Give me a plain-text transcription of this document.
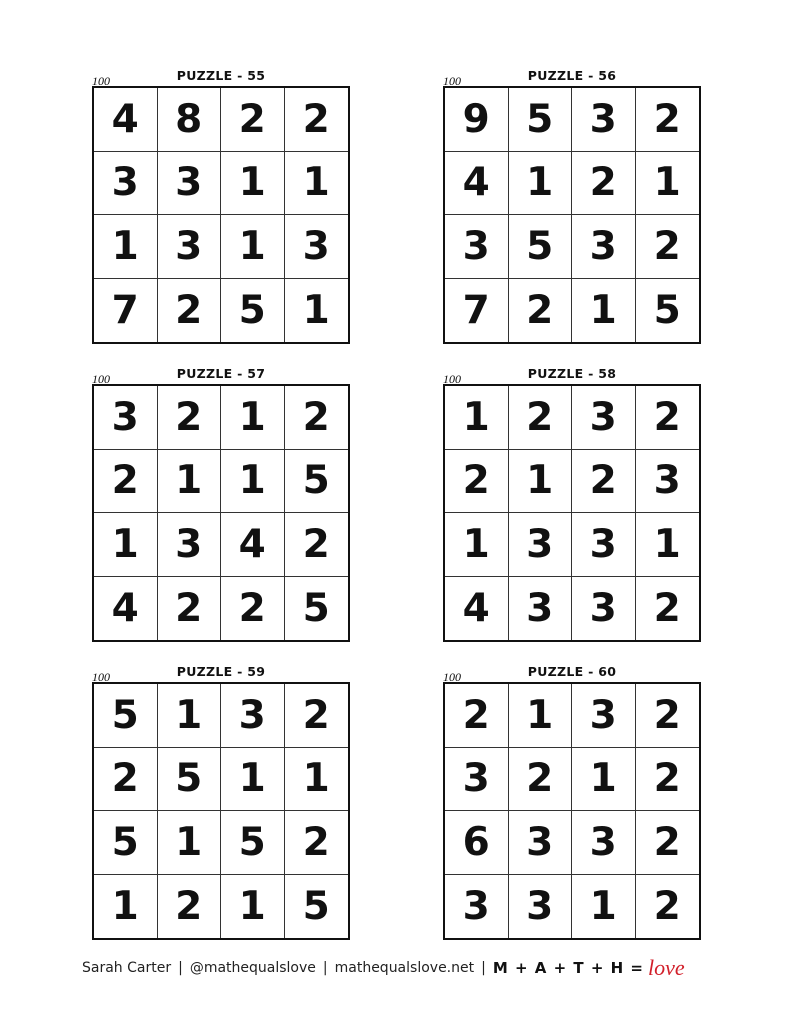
PUZZLE - 55
100
4 8 2 2
3 3 1 1
1 3 1 3
7 2 5 1
PUZZLE - 56
100
9 5 3 2
4 1 2 1
3 5 3 2
7 2 1 5
PUZZLE - 57
100
3 2 1 2
2 1 1 5
1 3 4 2
4 2 2 5
PUZZLE - 58
100
1 2 3 2
2 1 2 3
1 3 3 1
4 3 3 2
PUZZLE - 59
100
5 1 3 2
2 5 1 1
5 1 5 2
1 2 1 5
PUZZLE - 60
100
2 1 3 2
3 2 1 2
6 3 3 2
3 3 1 2
Sarah Carter | @mathequalslove | mathequalslove.net | M + A + T + H = love
